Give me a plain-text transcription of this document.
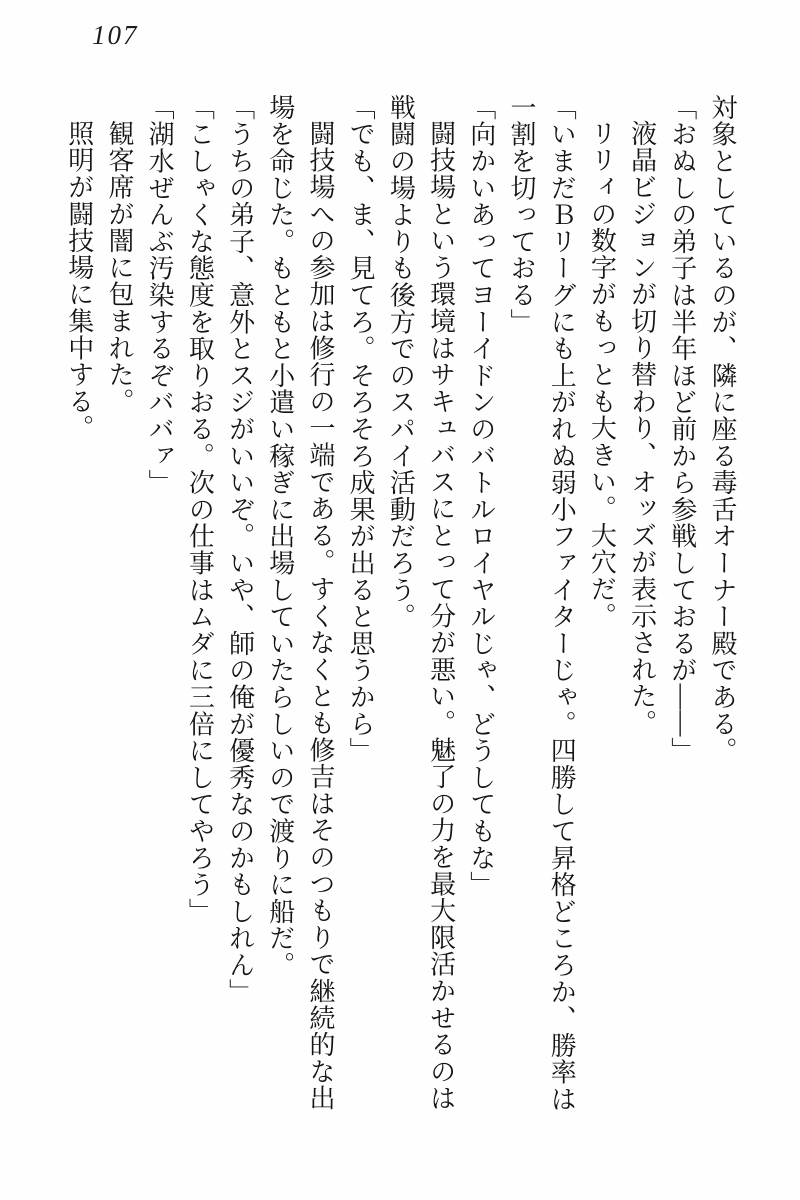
107

対象としているのが、隣に座る毒舌オーナー殿である。

「おぬしの弟子は半年ほど前から参戦しておるが――」

液晶ビジョンが切り替わり、オッズが表示された。

リリィの数字がもっとも大きい。大穴だ。

「いまだＢリーグにも上がれぬ弱小ファイターじゃ。四勝して昇格どころか、勝率は

一割を切っておる」

「向かいあってヨーイドンのバトルロイヤルじゃ、どうしてもな」

闘技場という環境はサキュバスにとって分が悪い。魅了の力を最大限活かせるのは

戦闘の場よりも後方でのスパイ活動だろう。

「でも、ま、見てろ。そろそろ成果が出ると思うから」

闘技場への参加は修行の一端である。すくなくとも修吉はそのつもりで継続的な出

場を命じた。もともと小遣い稼ぎに出場していたらしいので渡りに船だ。

「うちの弟子、意外とスジがいいぞ。いや、師の俺が優秀なのかもしれん」

「こしゃくな態度を取りおる。次の仕事はムダに三倍にしてやろう」

「湖水ぜんぶ汚染するぞババァ」

観客席が闇に包まれた。

照明が闘技場に集中する。
